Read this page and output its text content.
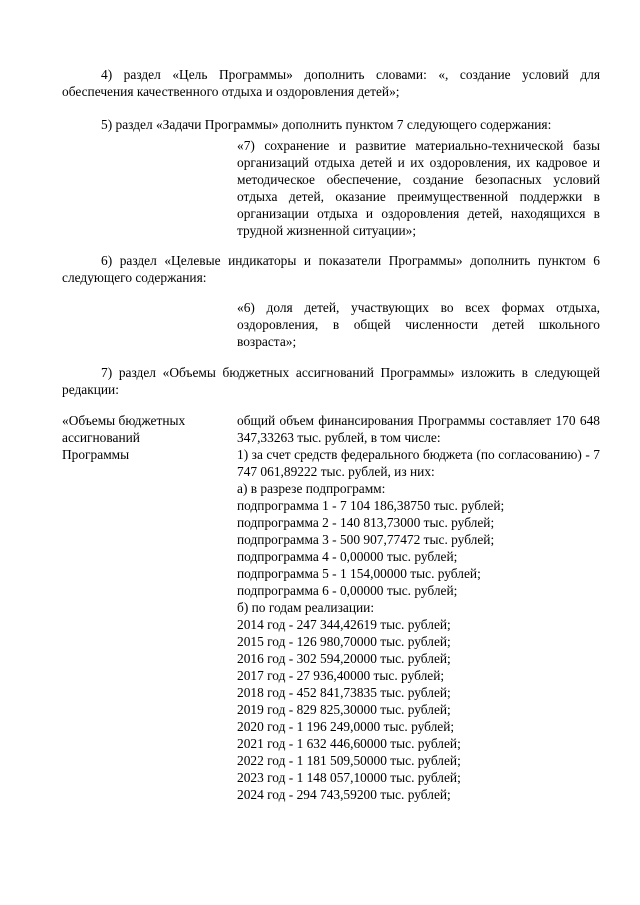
4) раздел «Цель Программы» дополнить словами: «, создание условий для обеспечения качественного отдыха и оздоровления детей»;

5) раздел «Задачи Программы» дополнить пунктом 7 следующего содержания:

«7) сохранение и развитие материально-технической базы организаций отдыха детей и их оздоровления, их кадровое и методическое обеспечение, создание безопасных условий отдыха детей, оказание преимущественной поддержки в организации отдыха и оздоровления детей, находящихся в трудной жизненной ситуации»;

6) раздел «Целевые индикаторы и показатели Программы» дополнить пунктом 6 следующего содержания:

«6) доля детей, участвующих во всех формах отдыха, оздоровления, в общей численности детей школьного возраста»;

7) раздел «Объемы бюджетных ассигнований Программы» изложить в следующей редакции:

«Объемы бюджетных
ассигнований
Программы
общий объем финансирования Программы составляет 170 648 347,33263 тыс. рублей, в том числе:
1) за счет средств федерального бюджета (по согласованию) - 7 747 061,89222 тыс. рублей, из них:
а) в разрезе подпрограмм:
подпрограмма 1 - 7 104 186,38750 тыс. рублей;
подпрограмма 2 - 140 813,73000 тыс. рублей;
подпрограмма 3 - 500 907,77472 тыс. рублей;
подпрограмма 4 - 0,00000 тыс. рублей;
подпрограмма 5 - 1 154,00000 тыс. рублей;
подпрограмма 6 - 0,00000 тыс. рублей;
б) по годам реализации:
2014 год - 247 344,42619 тыс. рублей;
2015 год - 126 980,70000 тыс. рублей;
2016 год - 302 594,20000 тыс. рублей;
2017 год - 27 936,40000 тыс. рублей;
2018 год - 452 841,73835 тыс. рублей;
2019 год - 829 825,30000 тыс. рублей;
2020 год - 1 196 249,0000 тыс. рублей;
2021 год - 1 632 446,60000 тыс. рублей;
2022 год - 1 181 509,50000 тыс. рублей;
2023 год - 1 148 057,10000 тыс. рублей;
2024 год - 294 743,59200 тыс. рублей;
